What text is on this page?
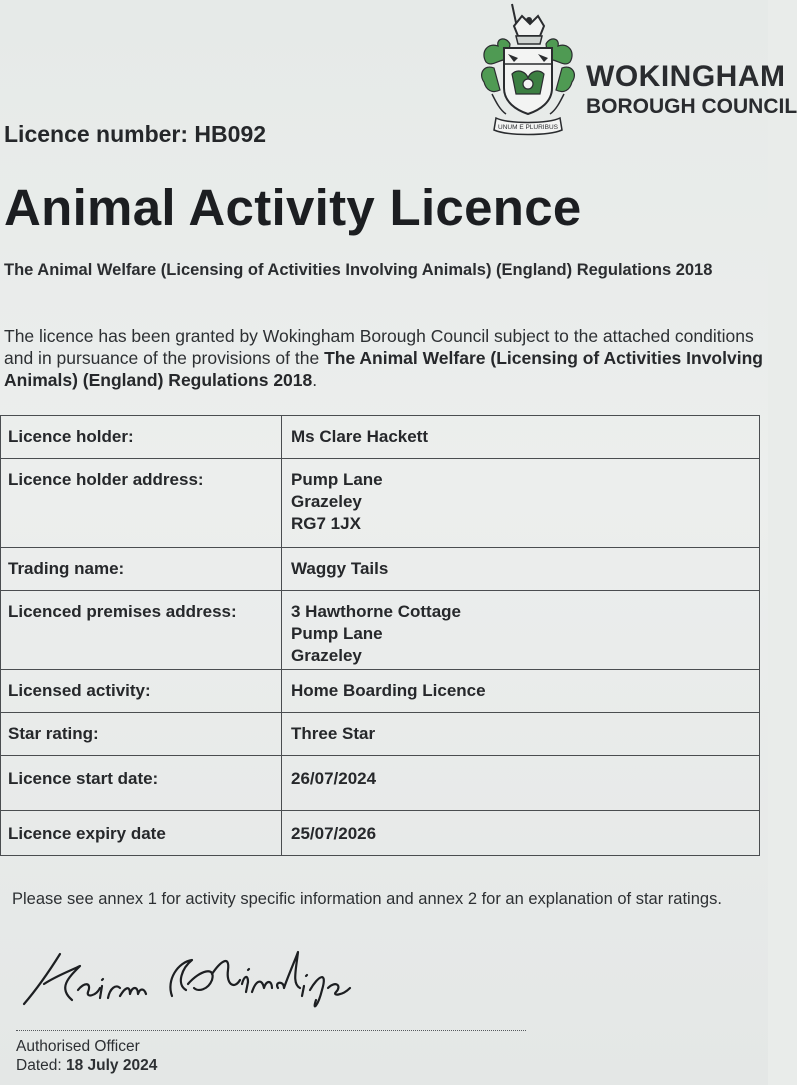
UNUM E PLURIBUS
WOKINGHAM
BOROUGH COUNCIL
Licence number: HB092
Animal Activity Licence
The Animal Welfare (Licensing of Activities Involving Animals) (England) Regulations 2018
The licence has been granted by Wokingham Borough Council subject to the attached conditions and in pursuance of the provisions of the The Animal Welfare (Licensing of Activities Involving Animals) (England) Regulations 2018.
Licence holder:	Ms Clare Hackett
Licence holder address:	Pump Lane
Grazeley
RG7 1JX

Trading name:	Waggy Tails
Licenced premises address:	3 Hawthorne Cottage
Pump Lane
Grazeley

Licensed activity:	Home Boarding Licence
Star rating:	Three Star
Licence start date:	26/07/2024
Licence expiry date	25/07/2026
Please see annex 1 for activity specific information and annex 2 for an explanation of star ratings.
Authorised Officer
Dated: 18 July 2024
